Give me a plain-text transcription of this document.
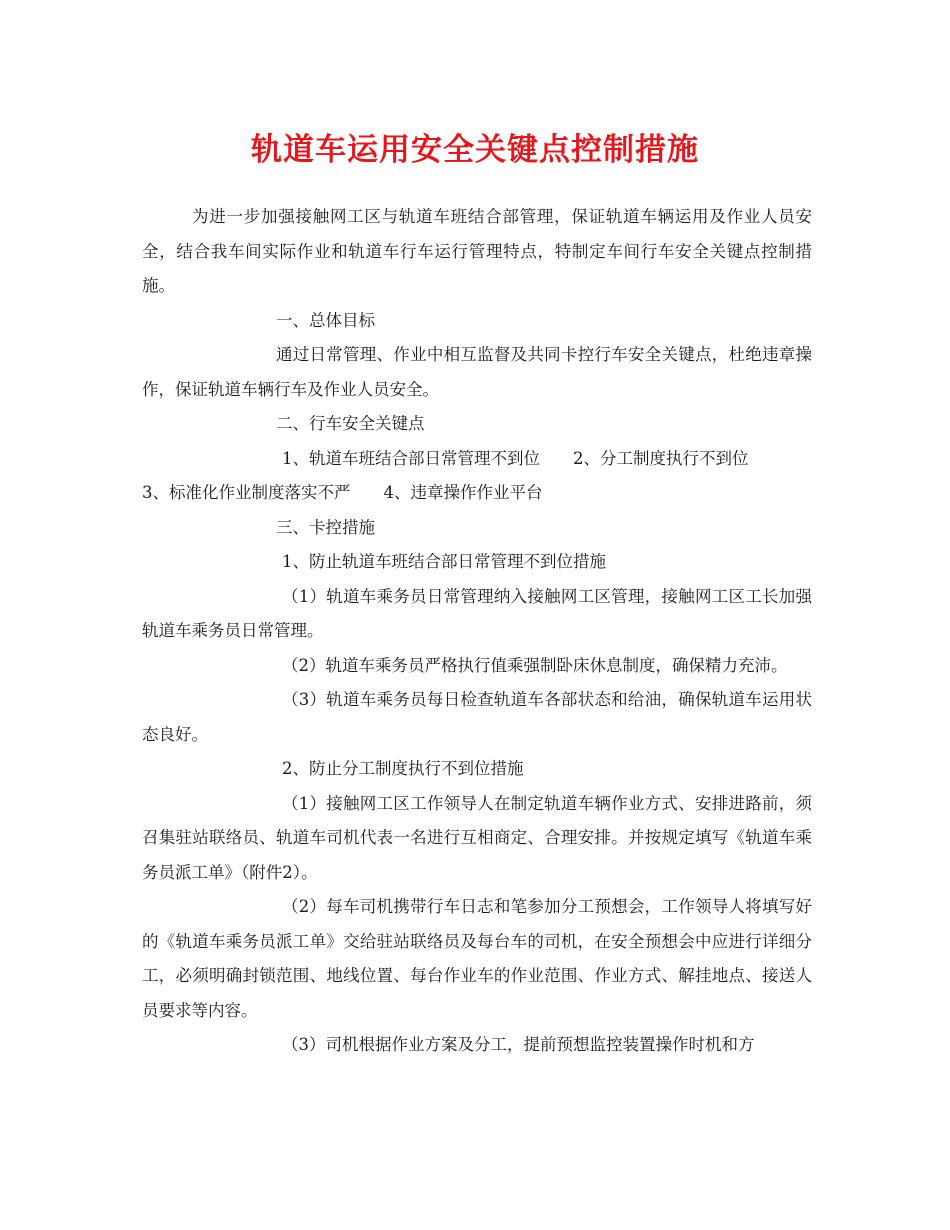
轨道车运用安全关键点控制措施

为进一步加强接触网工区与轨道车班结合部管理，保证轨道车辆运用及作业人员安全，结合我车间实际作业和轨道车行车运行管理特点，特制定车间行车安全关键点控制措施。

一、总体目标

通过日常管理、作业中相互监督及共同卡控行车安全关键点，杜绝违章操作，保证轨道车辆行车及作业人员安全。

二、行车安全关键点

1、轨道车班结合部日常管理不到位　　2、分工制度执行不到位

3、标准化作业制度落实不严　　4、违章操作作业平台

三、卡控措施

1、防止轨道车班结合部日常管理不到位措施

（1）轨道车乘务员日常管理纳入接触网工区管理，接触网工区工长加强轨道车乘务员日常管理。

（2）轨道车乘务员严格执行值乘强制卧床休息制度，确保精力充沛。

（3）轨道车乘务员每日检查轨道车各部状态和给油，确保轨道车运用状态良好。

2、防止分工制度执行不到位措施

（1）接触网工区工作领导人在制定轨道车辆作业方式、安排进路前，须召集驻站联络员、轨道车司机代表一名进行互相商定、合理安排。并按规定填写《轨道车乘务员派工单》（附件2）。

（2）每车司机携带行车日志和笔参加分工预想会，工作领导人将填写好的《轨道车乘务员派工单》交给驻站联络员及每台车的司机，在安全预想会中应进行详细分工，必须明确封锁范围、地线位置、每台作业车的作业范围、作业方式、解挂地点、接送人员要求等内容。

（3）司机根据作业方案及分工，提前预想监控装置操作时机和方
